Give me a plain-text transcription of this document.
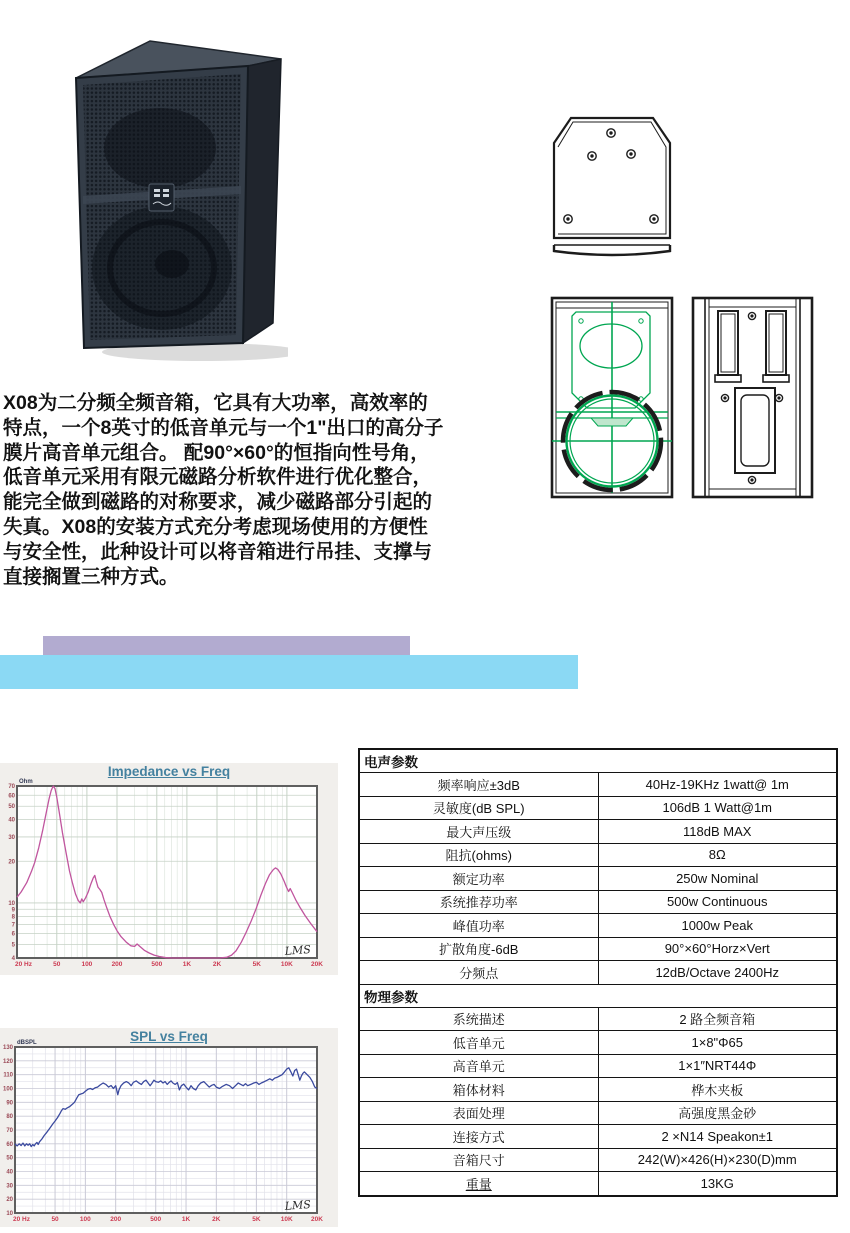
X08为二分频全频音箱，它具有大功率，高效率的特点，一个8英寸的低音单元与一个1"出口的高分子膜片高音单元组合。 配90°×60°的恒指向性号角，低音单元采用有限元磁路分析软件进行优化整合，能完全做到磁路的对称要求，减少磁路部分引起的失真。X08的安装方式充分考虑现场使用的方便性与安全性，此种设计可以将音箱进行吊挂、支撑与直接搁置三种方式。
20 Hz	50	100	200	500	1K	2K	5K	10K	20K
70
60
50
40
30
20
10
9
8
7
6
5
4
Ohm
LMS
Impedance vs Freq
20 Hz	50	100	200	500	1K	2K	5K	10K	20K
130
120
110
100
90
80
70
60
50
40
30
20
10
dBSPL
LMS
SPL vs Freq
电声参数	
频率响应±3dB	40Hz-19KHz 1watt@ 1m
灵敏度(dB SPL)	106dB 1 Watt@1m
最大声压级	118dB MAX
阻抗(ohms)	8Ω
额定功率	250w Nominal
系统推荐功率	500w Continuous
峰值功率	1000w Peak
扩散角度-6dB	90°×60°Horz×Vert
分频点	12dB/Octave 2400Hz
物理参数	
系统描述	2 路全频音箱
低音单元	1×8"Φ65
高音单元	1×1″NRT44Φ
箱体材料	桦木夹板
表面处理	高强度黑金砂
连接方式	2 ×N14 Speakon±1
音箱尺寸	242(W)×426(H)×230(D)mm
重量	13KG
